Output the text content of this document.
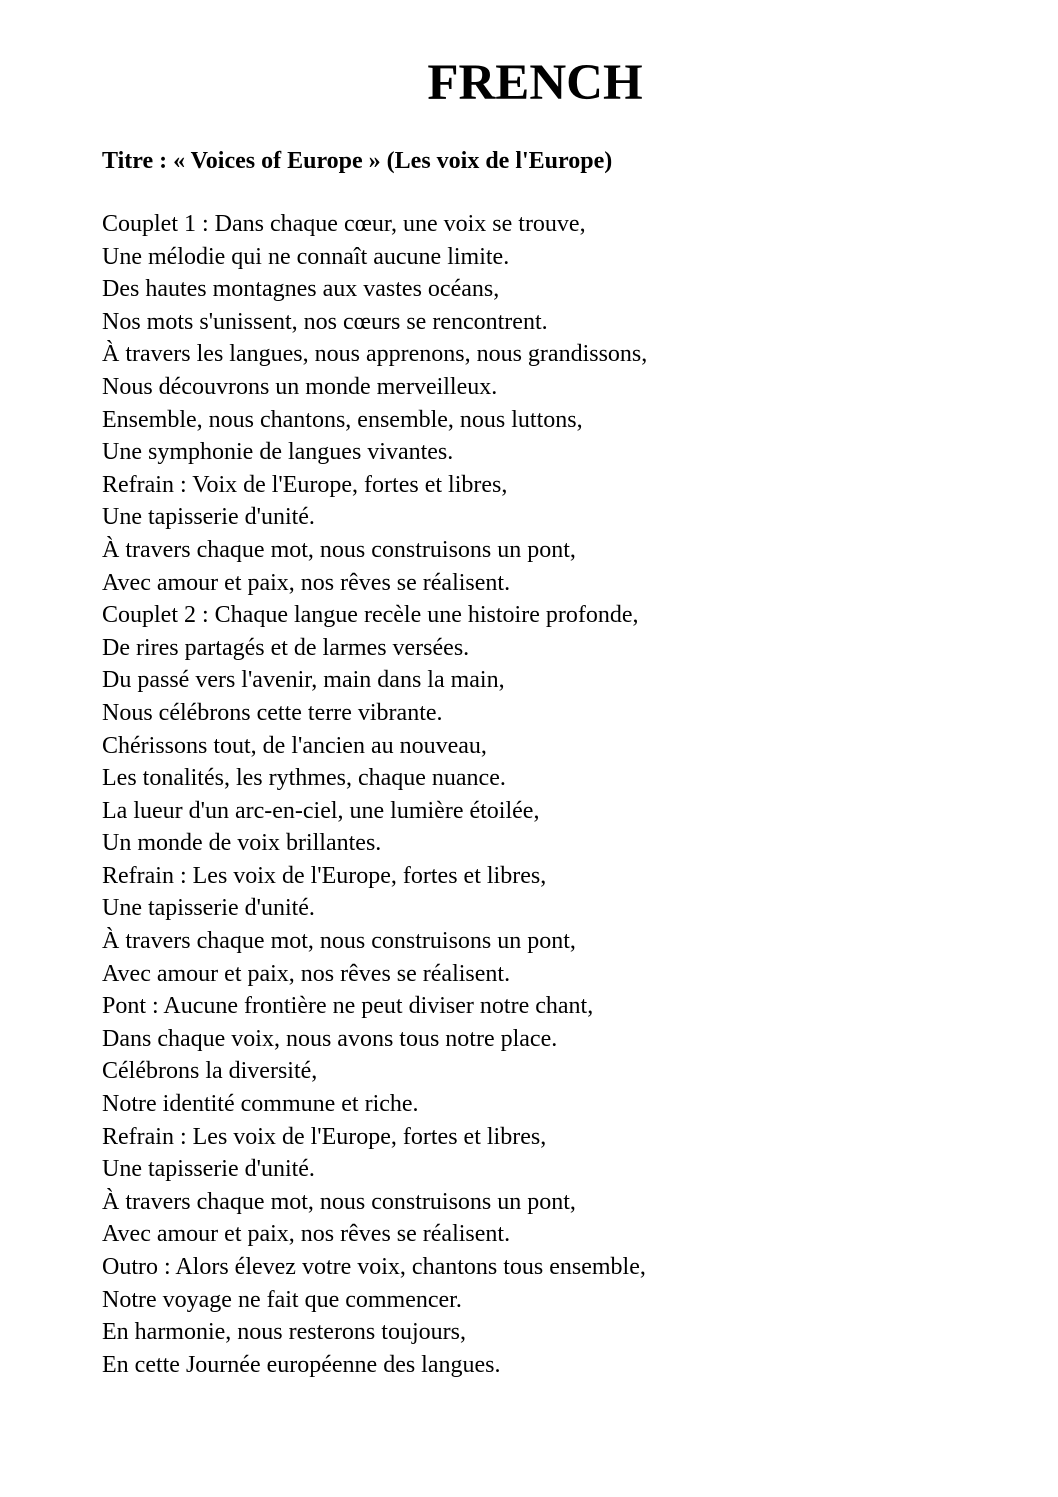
FRENCH
Titre : « Voices of Europe » (Les voix de l'Europe)
Couplet 1 : Dans chaque cœur, une voix se trouve,
Une mélodie qui ne connaît aucune limite.
Des hautes montagnes aux vastes océans,
Nos mots s'unissent, nos cœurs se rencontrent.
À travers les langues, nous apprenons, nous grandissons,
Nous découvrons un monde merveilleux.
Ensemble, nous chantons, ensemble, nous luttons,
Une symphonie de langues vivantes.
Refrain : Voix de l'Europe, fortes et libres,
Une tapisserie d'unité.
À travers chaque mot, nous construisons un pont,
Avec amour et paix, nos rêves se réalisent.
Couplet 2 : Chaque langue recèle une histoire profonde,
De rires partagés et de larmes versées.
Du passé vers l'avenir, main dans la main,
Nous célébrons cette terre vibrante.
Chérissons tout, de l'ancien au nouveau,
Les tonalités, les rythmes, chaque nuance.
La lueur d'un arc-en-ciel, une lumière étoilée,
Un monde de voix brillantes.
Refrain : Les voix de l'Europe, fortes et libres,
Une tapisserie d'unité.
À travers chaque mot, nous construisons un pont,
Avec amour et paix, nos rêves se réalisent.
Pont : Aucune frontière ne peut diviser notre chant,
Dans chaque voix, nous avons tous notre place.
Célébrons la diversité,
Notre identité commune et riche.
Refrain : Les voix de l'Europe, fortes et libres,
Une tapisserie d'unité.
À travers chaque mot, nous construisons un pont,
Avec amour et paix, nos rêves se réalisent.
Outro : Alors élevez votre voix, chantons tous ensemble,
Notre voyage ne fait que commencer.
En harmonie, nous resterons toujours,
En cette Journée européenne des langues.
